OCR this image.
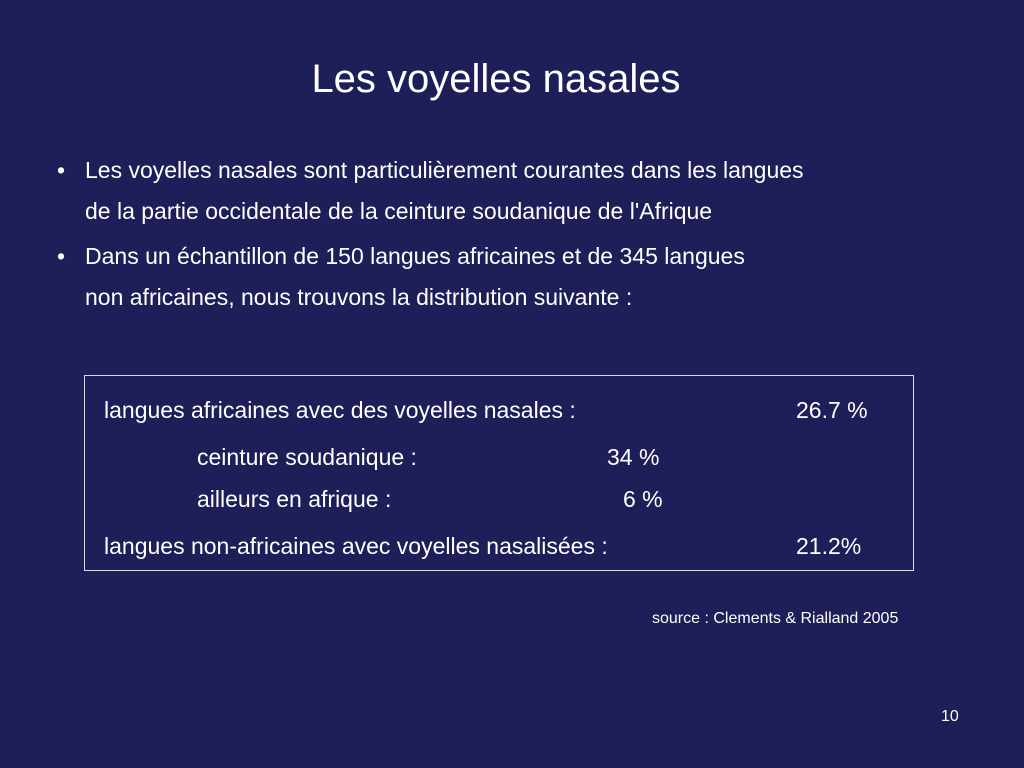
Les voyelles nasales
• Les voyelles nasales sont particulièrement courantes dans les langues
de la partie occidentale de la ceinture soudanique de l'Afrique
• Dans un échantillon de 150 langues africaines et de 345 langues
non africaines, nous trouvons la distribution suivante :
langues africaines avec des voyelles nasales :	26.7 %
ceinture soudanique :	34 %
ailleurs en afrique :	6 %
langues non-africaines avec voyelles nasalisées :	21.2%
source : Clements & Rialland 2005
10
